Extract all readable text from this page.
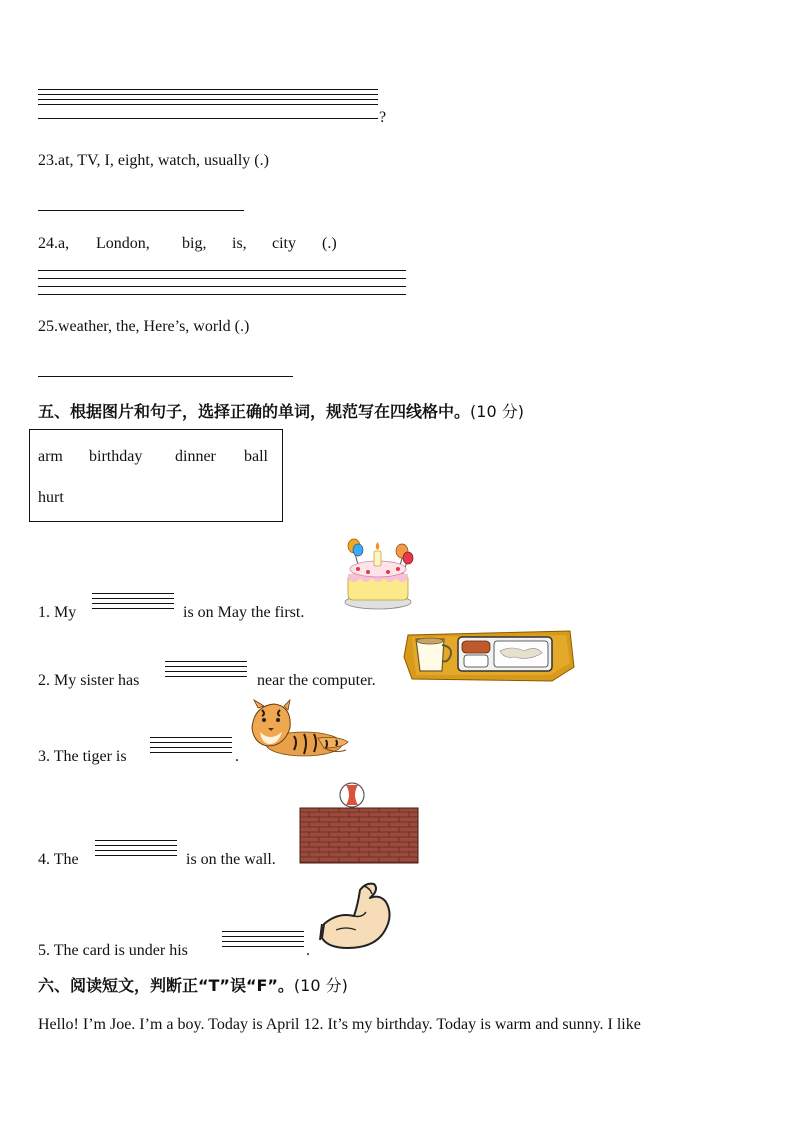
?
23.at, TV, I, eight, watch, usually (.)
24.a, London, big, is, city (.)
25.weather, the, Here’s, world (.)
五、根据图片和句子，选择正确的单词，规范写在四线格中。(10 分)
arm birthday dinner ball
hurt
1. My	is on May the first.
2. My sister has	near the computer.
3. The tiger is	.
4. The	is on the wall.
5. The card is under his	.
六、阅读短文，判断正“T”误“F”。(10 分)
Hello! I’m Joe. I’m a boy. Today is April 12. It’s my birthday. Today is warm and sunny. I like
